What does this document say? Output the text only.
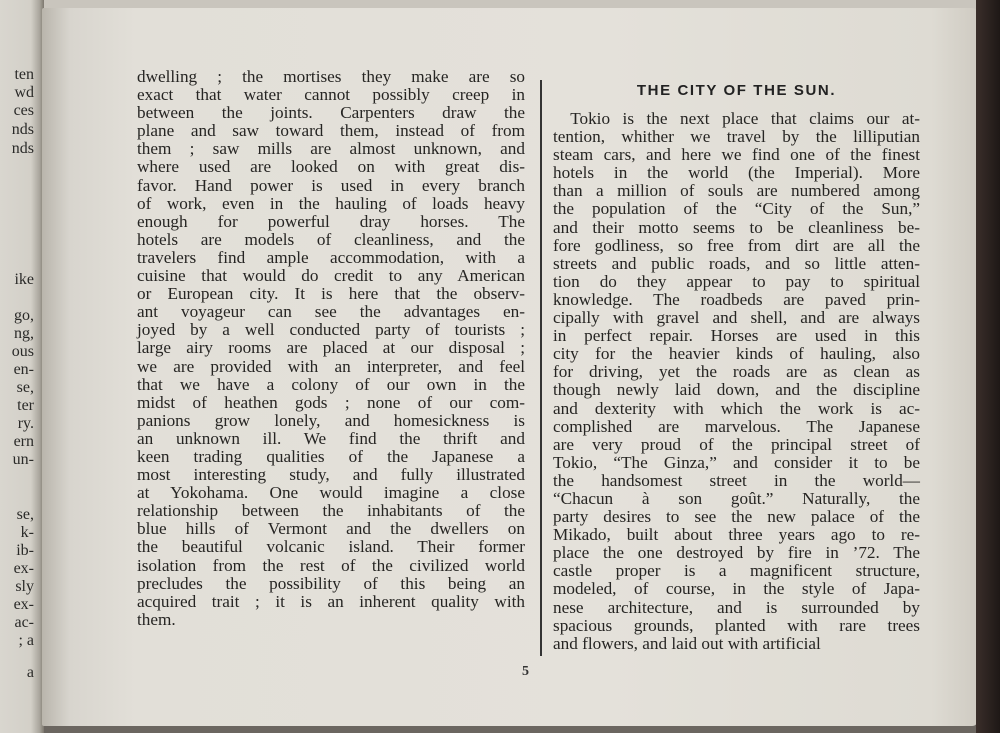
ten
wd
ces
nds
nds
ike
go,
ng,
ous
en-
se,
ter
ry.
ern
un-
se,
k-
ib-
ex-
sly
ex-
ac-
; a
a
dwelling ; the mortises they make are so
exact that water cannot possibly creep in
between the joints. Carpenters draw the
plane and saw toward them, instead of from
them ; saw mills are almost unknown, and
where used are looked on with great dis-
favor. Hand power is used in every branch
of work, even in the hauling of loads heavy
enough for powerful dray horses. The
hotels are models of cleanliness, and the
travelers find ample accommodation, with a
cuisine that would do credit to any American
or European city. It is here that the observ-
ant voyageur can see the advantages en-
joyed by a well conducted party of tourists ;
large airy rooms are placed at our disposal ;
we are provided with an interpreter, and feel
that we have a colony of our own in the
midst of heathen gods ; none of our com-
panions grow lonely, and homesickness is
an unknown ill. We find the thrift and
keen trading qualities of the Japanese a
most interesting study, and fully illustrated
at Yokohama. One would imagine a close
relationship between the inhabitants of the
blue hills of Vermont and the dwellers on
the beautiful volcanic island. Their former
isolation from the rest of the civilized world
precludes the possibility of this being an
acquired trait ; it is an inherent quality with
them.
THE CITY OF THE SUN.
 Tokio is the next place that claims our at-
tention, whither we travel by the lilliputian
steam cars, and here we find one of the finest
hotels in the world (the Imperial). More
than a million of souls are numbered among
the population of the “City of the Sun,”
and their motto seems to be cleanliness be-
fore godliness, so free from dirt are all the
streets and public roads, and so little atten-
tion do they appear to pay to spiritual
knowledge. The roadbeds are paved prin-
cipally with gravel and shell, and are always
in perfect repair. Horses are used in this
city for the heavier kinds of hauling, also
for driving, yet the roads are as clean as
though newly laid down, and the discipline
and dexterity with which the work is ac-
complished are marvelous. The Japanese
are very proud of the principal street of
Tokio, “The Ginza,” and consider it to be
the handsomest street in the world—
“Chacun à son goût.” Naturally, the
party desires to see the new palace of the
Mikado, built about three years ago to re-
place the one destroyed by fire in ’72. The
castle proper is a magnificent structure,
modeled, of course, in the style of Japa-
nese architecture, and is surrounded by
spacious grounds, planted with rare trees
and flowers, and laid out with artificial
5
